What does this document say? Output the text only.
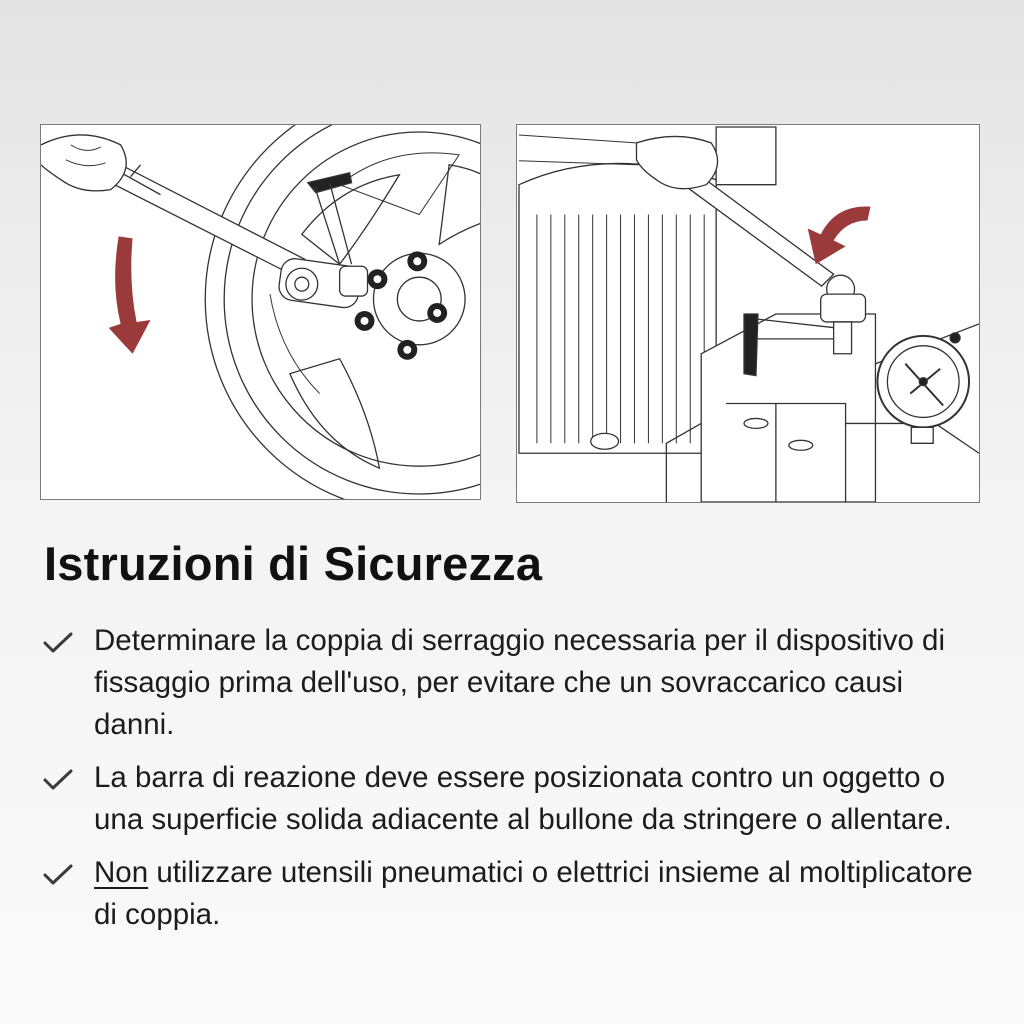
Istruzioni di Sicurezza
Determinare la coppia di serraggio necessaria per il dispositivo di fissaggio prima dell'uso, per evitare che un sovraccarico causi danni.
La barra di reazione deve essere posizionata contro un oggetto o una superficie solida adiacente al bullone da stringere o allentare.
Non utilizzare utensili pneumatici o elettrici insieme al moltiplicatore di coppia.
